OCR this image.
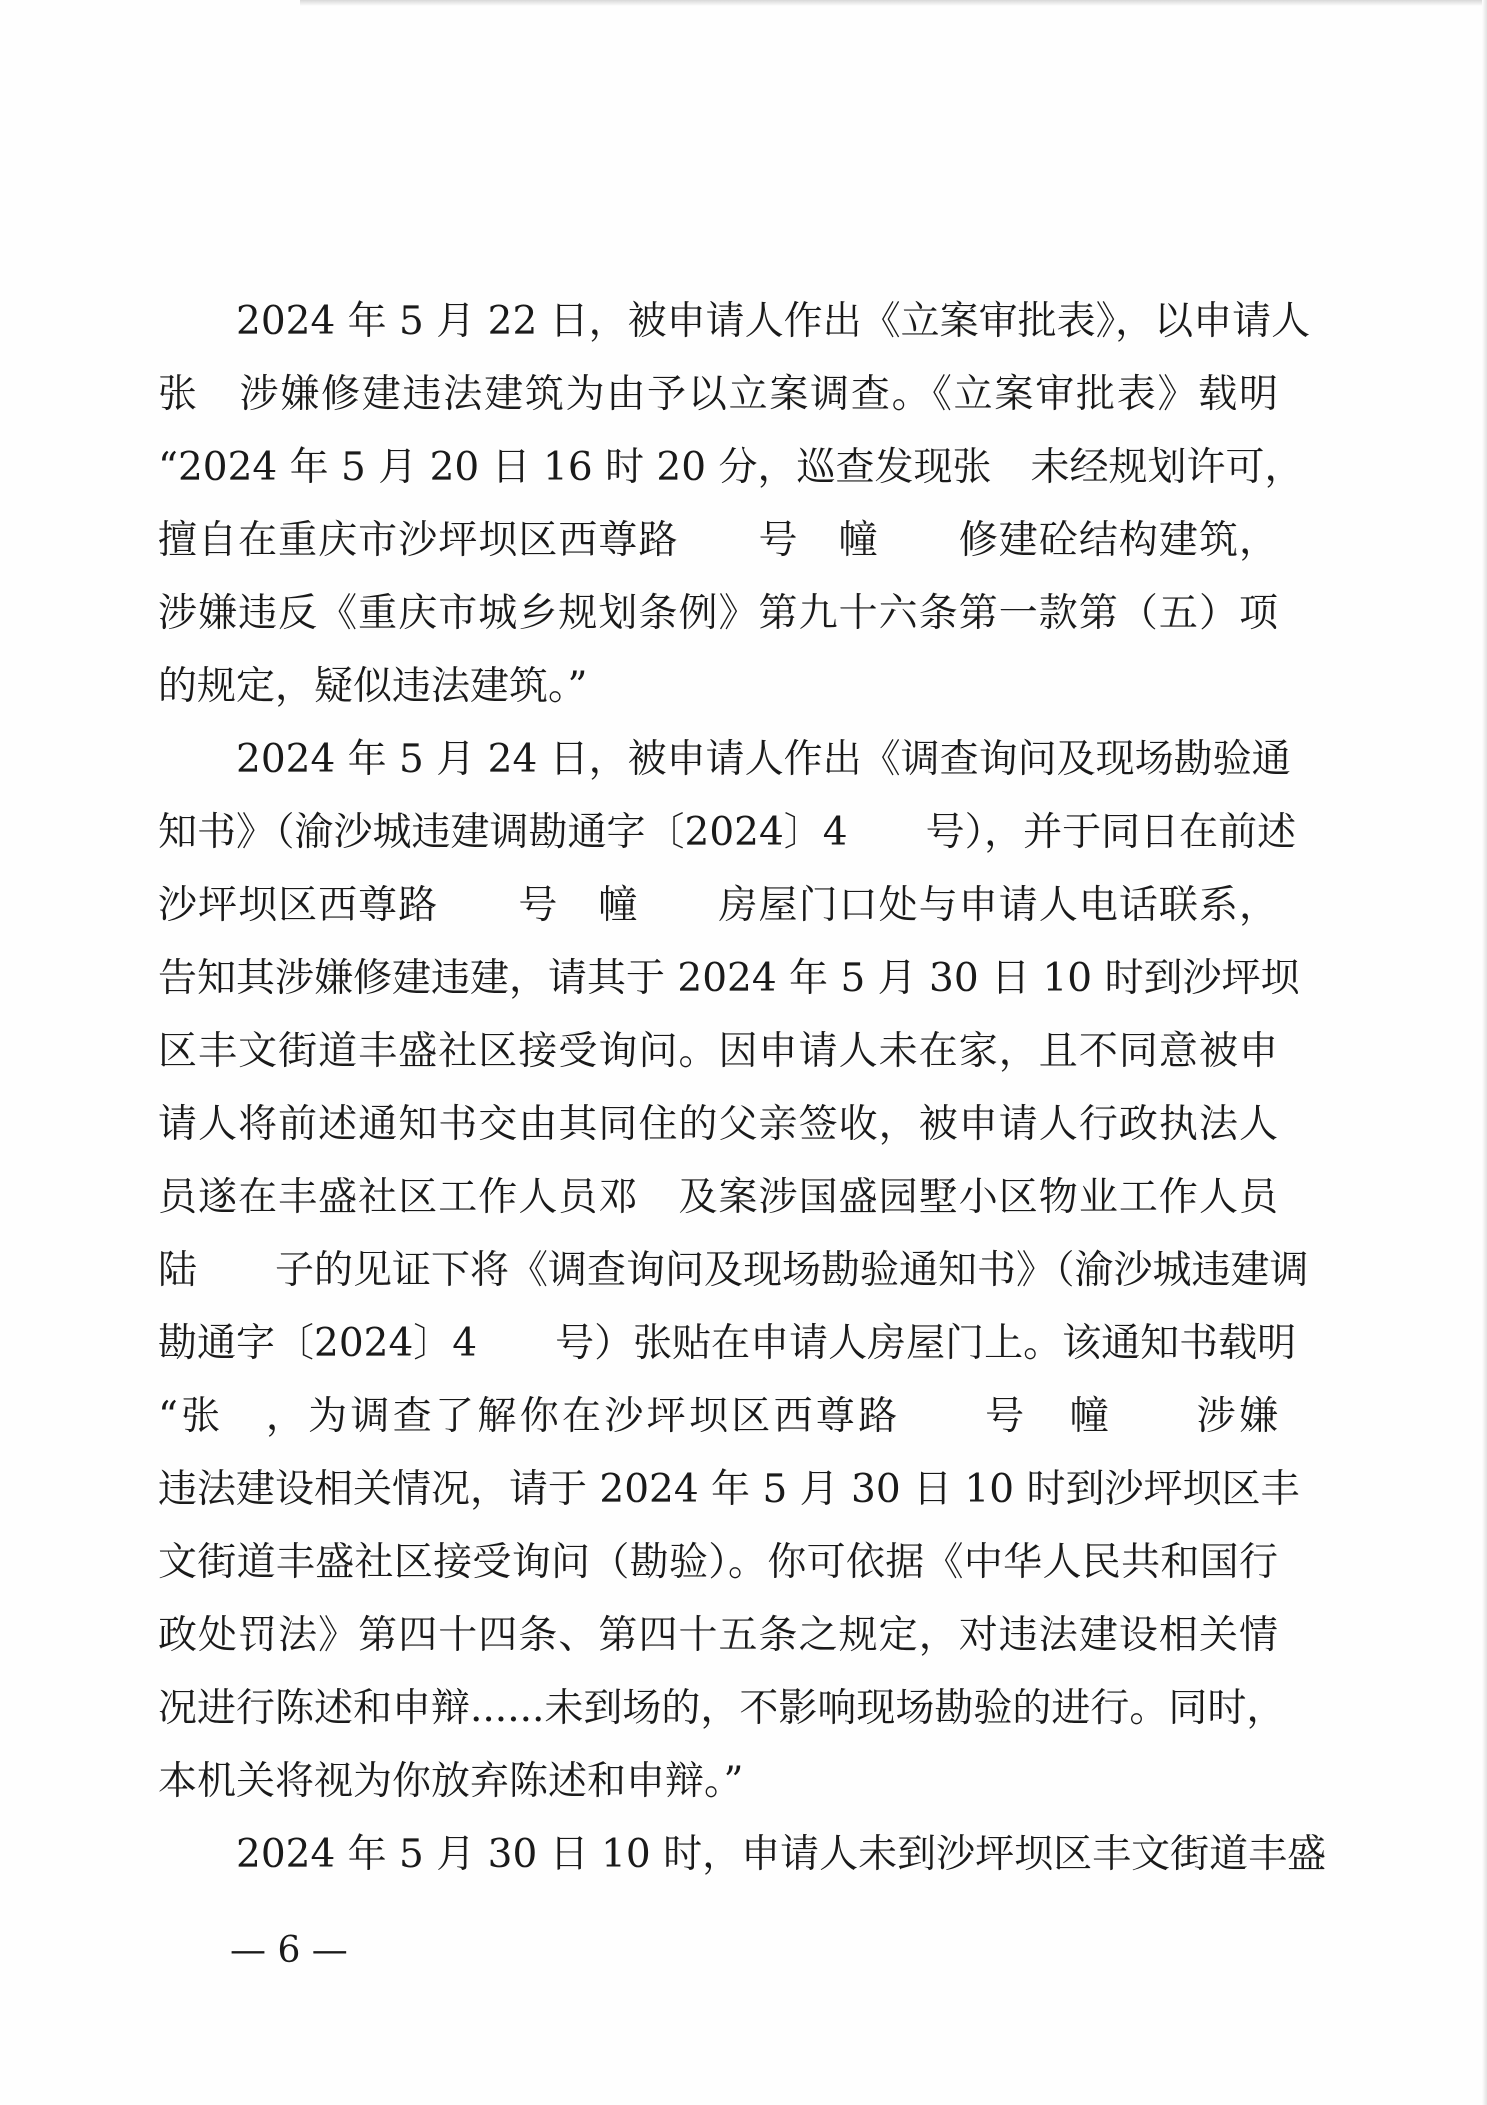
2024 年 5 月 22 日，被申请人作出《立案审批表》，以申请人
张　涉嫌修建违法建筑为由予以立案调查。《立案审批表》载明
“2024 年 5 月 20 日 16 时 20 分，巡查发现张　未经规划许可，
擅自在重庆市沙坪坝区西尊路　　号　幢　　修建砼结构建筑，
涉嫌违反《重庆市城乡规划条例》第九十六条第一款第（五）项
的规定，疑似违法建筑。”
2024 年 5 月 24 日，被申请人作出《调查询问及现场勘验通
知书》（渝沙城违建调勘通字〔2024〕4　　号），并于同日在前述
沙坪坝区西尊路　　号　幢　　房屋门口处与申请人电话联系，
告知其涉嫌修建违建，请其于 2024 年 5 月 30 日 10 时到沙坪坝
区丰文街道丰盛社区接受询问。因申请人未在家，且不同意被申
请人将前述通知书交由其同住的父亲签收，被申请人行政执法人
员遂在丰盛社区工作人员邓　及案涉国盛园墅小区物业工作人员
陆　　子的见证下将《调查询问及现场勘验通知书》（渝沙城违建调
勘通字〔2024〕4　　号）张贴在申请人房屋门上。该通知书载明
“张　，为调查了解你在沙坪坝区西尊路　　号　幢　　涉嫌
违法建设相关情况，请于 2024 年 5 月 30 日 10 时到沙坪坝区丰
文街道丰盛社区接受询问（勘验）。你可依据《中华人民共和国行
政处罚法》第四十四条、第四十五条之规定，对违法建设相关情
况进行陈述和申辩......未到场的，不影响现场勘验的进行。同时，
本机关将视为你放弃陈述和申辩。”
2024 年 5 月 30 日 10 时，申请人未到沙坪坝区丰文街道丰盛
— 6 —
